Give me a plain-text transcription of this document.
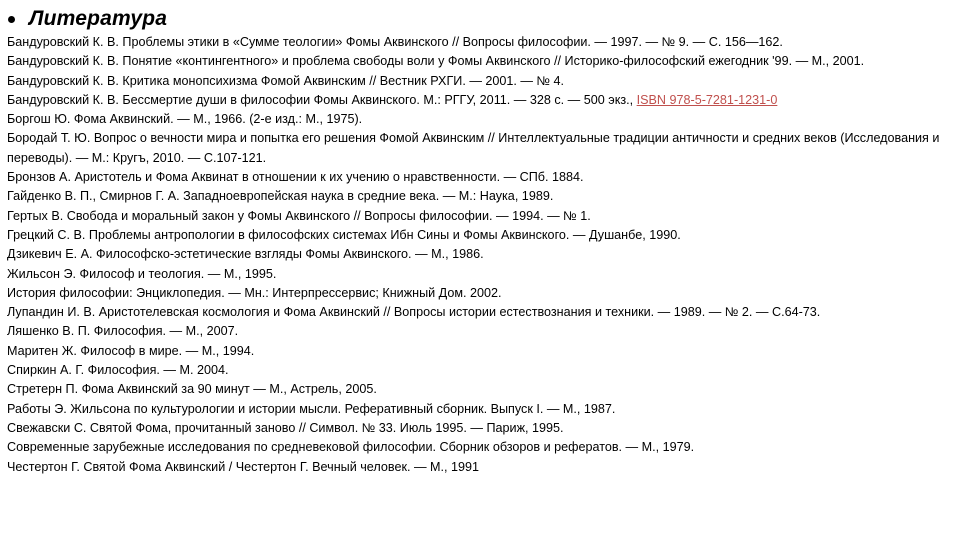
Литература
Бандуровский К. В. Проблемы этики в «Сумме теологии» Фомы Аквинского // Вопросы философии. — 1997. — № 9. — С. 156—162.
Бандуровский К. В. Понятие «контингентного» и проблема свободы воли у Фомы Аквинского // Историко-философский ежегодник '99. — М., 2001.
Бандуровский К. В. Критика монопсихизма Фомой Аквинским // Вестник РХГИ. — 2001. — № 4.
Бандуровский К. В. Бессмертие души в философии Фомы Аквинского. М.: РГГУ, 2011. — 328 с. — 500 экз., ISBN 978-5-7281-1231-0
Боргош Ю. Фома Аквинский. — М., 1966. (2-е изд.: М., 1975).
Бородай Т. Ю. Вопрос о вечности мира и попытка его решения Фомой Аквинским // Интеллектуальные традиции античности и средних веков (Исследования и переводы). — М.: Кругъ, 2010. — С.107-121.
Бронзов А. Аристотель и Фома Аквинат в отношении к их учению о нравственности. — СПб. 1884.
Гайденко В. П., Смирнов Г. А. Западноевропейская наука в средние века. — М.: Наука, 1989.
Гертых В. Свобода и моральный закон у Фомы Аквинского // Вопросы философии. — 1994. — № 1.
Грецкий С. В. Проблемы антропологии в философских системах Ибн Сины и Фомы Аквинского. — Душанбе, 1990.
Дзикевич Е. А. Философско-эстетические взгляды Фомы Аквинского. — М., 1986.
Жильсон Э. Философ и теология. — М., 1995.
История философии: Энциклопедия. — Мн.: Интерпрессервис; Книжный Дом. 2002.
Лупандин И. В. Аристотелевская космология и Фома Аквинский // Вопросы истории естествознания и техники. — 1989. — № 2. — С.64-73.
Ляшенко В. П. Философия. — М., 2007.
Маритен Ж. Философ в мире. — М., 1994.
Спиркин А. Г. Философия. — М. 2004.
Стретерн П. Фома Аквинский за 90 минут — М., Астрель, 2005.
Работы Э. Жильсона по культурологии и истории мысли. Реферативный сборник. Выпуск I. — М., 1987.
Свежавски С. Святой Фома, прочитанный заново // Символ. № 33. Июль 1995. — Париж, 1995.
Современные зарубежные исследования по средневековой философии. Сборник обзоров и рефератов. — М., 1979.
Честертон Г. Святой Фома Аквинский / Честертон Г. Вечный человек. — М., 1991
